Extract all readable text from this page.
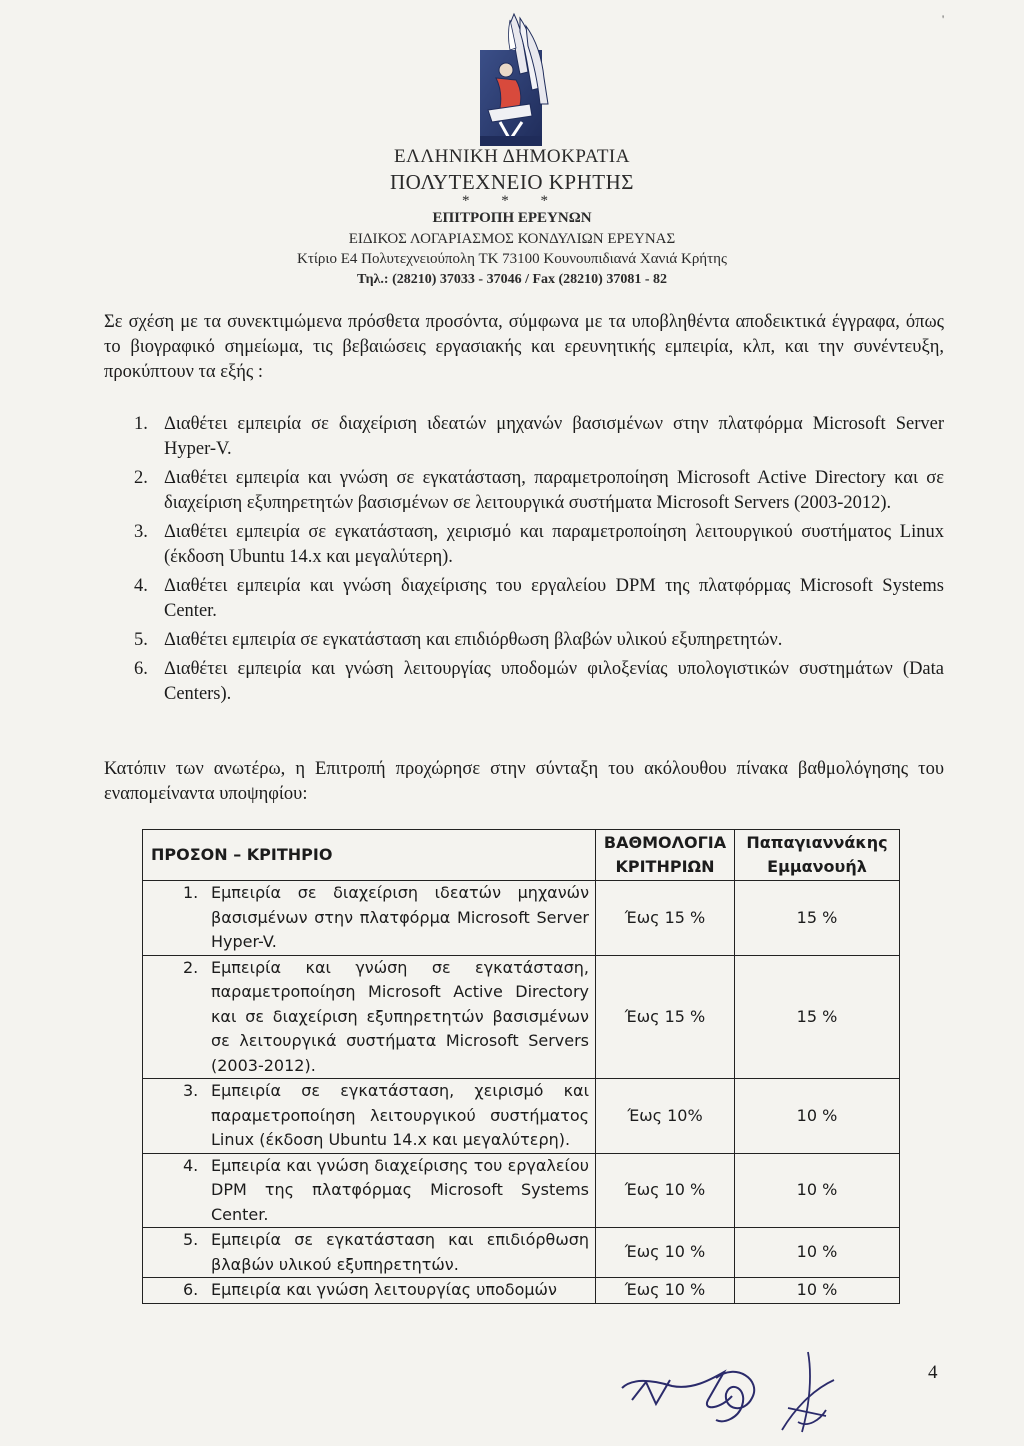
'
ΕΛΛΗΝΙΚΗ ΔΗΜΟΚΡΑΤΙΑ
ΠΟΛΥΤΕΧΝΕΙΟ ΚΡΗΤΗΣ
* * *
ΕΠΙΤΡΟΠΗ ΕΡΕΥΝΩΝ
ΕΙΔΙΚΟΣ ΛΟΓΑΡΙΑΣΜΟΣ ΚΟΝΔΥΛΙΩΝ ΕΡΕΥΝΑΣ
Κτίριο Ε4 Πολυτεχνειούπολη ΤΚ 73100 Κουνουπιδιανά Χανιά Κρήτης
Τηλ.: (28210) 37033 - 37046 / Fax (28210) 37081 - 82
Σε σχέση με τα συνεκτιμώμενα πρόσθετα προσόντα, σύμφωνα με τα υποβληθέντα αποδεικτικά έγγραφα, όπως το βιογραφικό σημείωμα, τις βεβαιώσεις εργασιακής και ερευνητικής εμπειρία, κλπ, και την συνέντευξη, προκύπτουν τα εξής :
1. Διαθέτει εμπειρία σε διαχείριση ιδεατών μηχανών βασισμένων στην πλατφόρμα Microsoft Server Hyper-V.
2. Διαθέτει εμπειρία και γνώση σε εγκατάσταση, παραμετροποίηση Microsoft Active Directory και σε διαχείριση εξυπηρετητών βασισμένων σε λειτουργικά συστήματα Microsoft Servers (2003-2012).
3. Διαθέτει εμπειρία σε εγκατάσταση, χειρισμό και παραμετροποίηση λειτουργικού συστήματος Linux (έκδοση Ubuntu 14.x και μεγαλύτερη).
4. Διαθέτει εμπειρία και γνώση διαχείρισης του εργαλείου DPM της πλατφόρμας Microsoft Systems Center.
5. Διαθέτει εμπειρία σε εγκατάσταση και επιδιόρθωση βλαβών υλικού εξυπηρετητών.
6. Διαθέτει εμπειρία και γνώση λειτουργίας υποδομών φιλοξενίας υπολογιστικών συστημάτων (Data Centers).
Κατόπιν των ανωτέρω, η Επιτροπή προχώρησε στην σύνταξη του ακόλουθου πίνακα βαθμολόγησης του εναπομείναντα υποψηφίου:
ΠΡΟΣΟΝ – ΚΡΙΤΗΡΙΟ	ΒΑΘΜΟΛΟΓΙΑ ΚΡΙΤΗΡΙΩΝ	Παπαγιαννάκης Εμμανουήλ

1. Εμπειρία σε διαχείριση ιδεατών μηχανών βασισμένων στην πλατφόρμα Microsoft Server Hyper-V.	Έως 15 %	15 %

2. Εμπειρία και γνώση σε εγκατάσταση, παραμετροποίηση Microsoft Active Directory και σε διαχείριση εξυπηρετητών βασισμένων σε λειτουργικά συστήματα Microsoft Servers (2003-2012).	Έως 15 %	15 %

3. Εμπειρία σε εγκατάσταση, χειρισμό και παραμετροποίηση λειτουργικού συστήματος Linux (έκδοση Ubuntu 14.x και μεγαλύτερη).	Έως 10%	10 %

4. Εμπειρία και γνώση διαχείρισης του εργαλείου DPM της πλατφόρμας Microsoft Systems Center.	Έως 10 %	10 %

5. Εμπειρία σε εγκατάσταση και επιδιόρθωση βλαβών υλικού εξυπηρετητών.	Έως 10 %	10 %

6. Εμπειρία και γνώση λειτουργίας υποδομών	Έως 10 %	10 %
4
